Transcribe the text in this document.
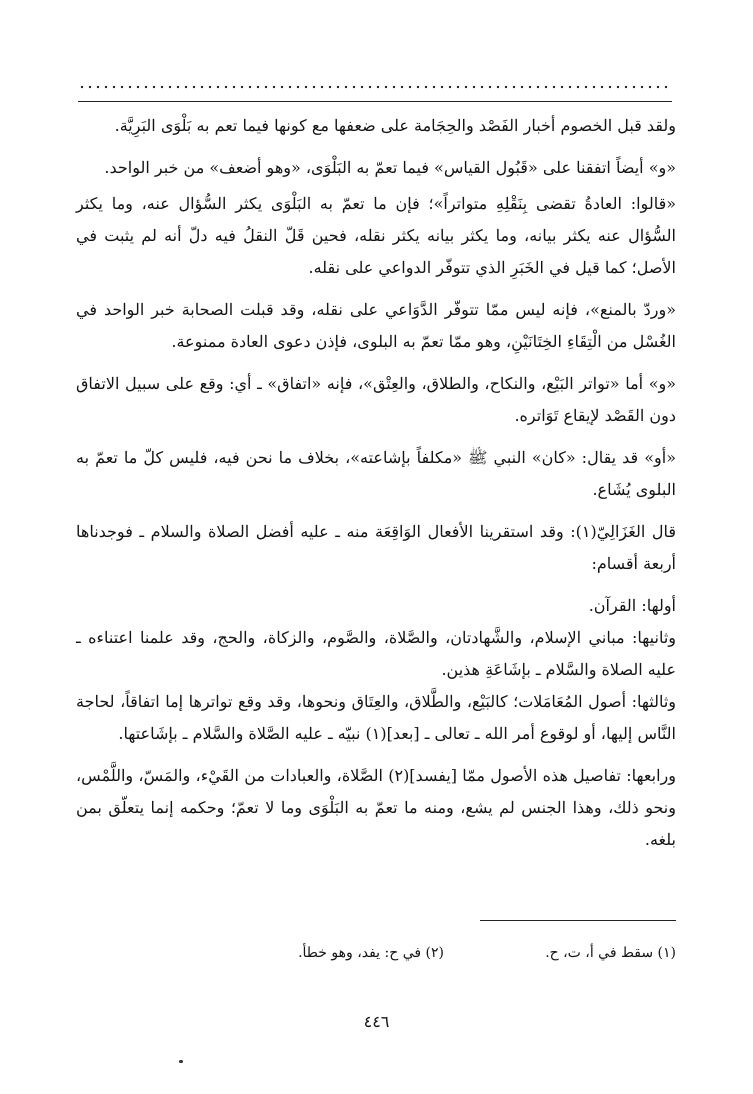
ولقد قبل الخصوم أخبار الفَصْد والحِجَامة على ضعفها مع كونها فيما تعم به بَلْوَى البَرِيَّة.

«و» أيضاً اتفقنا على «قَبُول القياس» فيما تعمّ به البَلْوَى، «وهو أضعف» من خبر الواحد.

«قالوا: العادةُ تقضى بِنَقْلِهِ متواتراً»؛ فإن ما تعمّ به البَلْوَى يكثر السُّؤال عنه، وما يكثر السُّؤال عنه يكثر بيانه، وما يكثر بيانه يكثر نقله، فحين قَلّ النقلُ فيه دلّ أنه لم يثبت في الأصل؛ كما قيل في الخَبَرِ الذي تتوفّر الدواعي على نقله.

«وردّ بالمنع»، فإنه ليس ممّا تتوفّر الدَّوَاعي على نقله، وقد قبلت الصحابة خبر الواحد في الغُسْل من الْتِقَاءِ الخِتَانَيْنِ، وهو ممّا تعمّ به البلوى، فإذن دعوى العادة ممنوعة.

«و» أما «تواتر البَيْع، والنكاح، والطلاق، والعِتْق»، فإنه «اتفاق» ـ أي: وقع على سبيل الاتفاق دون القَصْد لإيقاع تَوَاتره.

«أو» قد يقال: «كان» النبي ﷺ «مكلفاً بإشاعته»، بخلاف ما نحن فيه، فليس كلّ ما تعمّ به البلوى يُشَاع.

قال الغَزَالِيّ(١): وقد استقرينا الأفعال الوَاقِعَة منه ـ عليه أفضل الصلاة والسلام ـ فوجدناها أربعة أقسام:

أولها: القرآن.

وثانيها: مباني الإسلام، والشَّهادتان، والصَّلاة، والصَّوم، والزكاة، والحج، وقد علمنا اعتناءه ـ عليه الصلاة والسَّلام ـ بإشَاعَةِ هذين.

وثالثها: أصول المُعَامَلات؛ كالبَيْع، والطَّلاق، والعِتَاق ونحوها، وقد وقع تواترها إما اتفاقاً، لحاجة النَّاس إليها، أو لوقوع أمر الله ـ تعالى ـ [بعد](١) نبيّه ـ عليه الصَّلاة والسَّلام ـ بإشَاعتها.

ورابعها: تفاصيل هذه الأصول ممّا [يفسد](٢) الصَّلاة، والعبادات من القَيْء، والمَسّ، واللَّمْس، ونحو ذلك، وهذا الجنس لم يشع، ومنه ما تعمّ به البَلْوَى وما لا تعمّ؛ وحكمه إنما يتعلّق بمن بلغه.

(١) سقط في أ، ت، ح.
(٢) في ح: يفد، وهو خطأ.
٤٤٦
